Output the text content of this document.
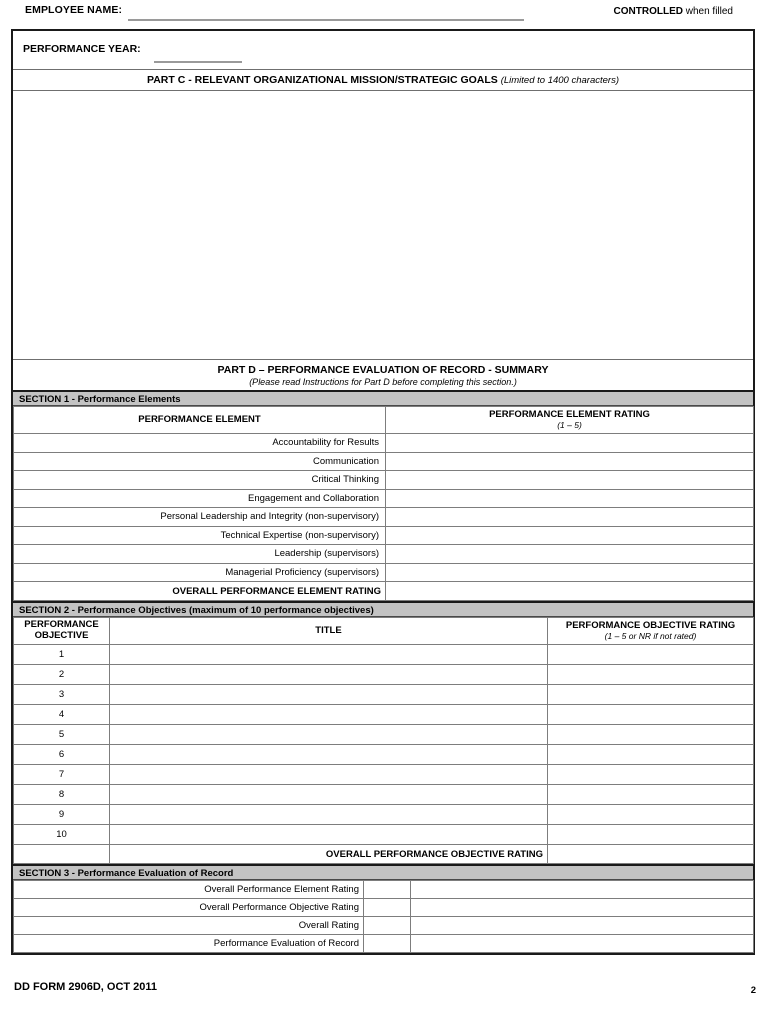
EMPLOYEE NAME:	CONTROLLED when filled
PERFORMANCE YEAR:
PART C - RELEVANT ORGANIZATIONAL MISSION/STRATEGIC GOALS (Limited to 1400 characters)
PART D – PERFORMANCE EVALUATION OF RECORD - SUMMARY
(Please read Instructions for Part D before completing this section.)
SECTION 1 - Performance Elements
PERFORMANCE ELEMENT	PERFORMANCE ELEMENT RATING
(1 – 5)

Accountability for Results	
Communication	
Critical Thinking	
Engagement and Collaboration	
Personal Leadership and Integrity (non-supervisory)	
Technical Expertise (non-supervisory)	
Leadership (supervisors)	
Managerial Proficiency (supervisors)	
OVERALL PERFORMANCE ELEMENT RATING	
SECTION 2 - Performance Objectives (maximum of 10 performance objectives)
PERFORMANCE
OBJECTIVE	TITLE	PERFORMANCE OBJECTIVE RATING
(1 – 5 or NR if not rated)

1		
2		
3		
4		
5		
6		
7		
8		
9		
10		
	OVERALL PERFORMANCE OBJECTIVE RATING	
SECTION 3 - Performance Evaluation of Record
Overall Performance Element Rating		
Overall Performance Objective Rating		
Overall Rating		
Performance Evaluation of Record		
DD FORM 2906D, OCT 2011	2
